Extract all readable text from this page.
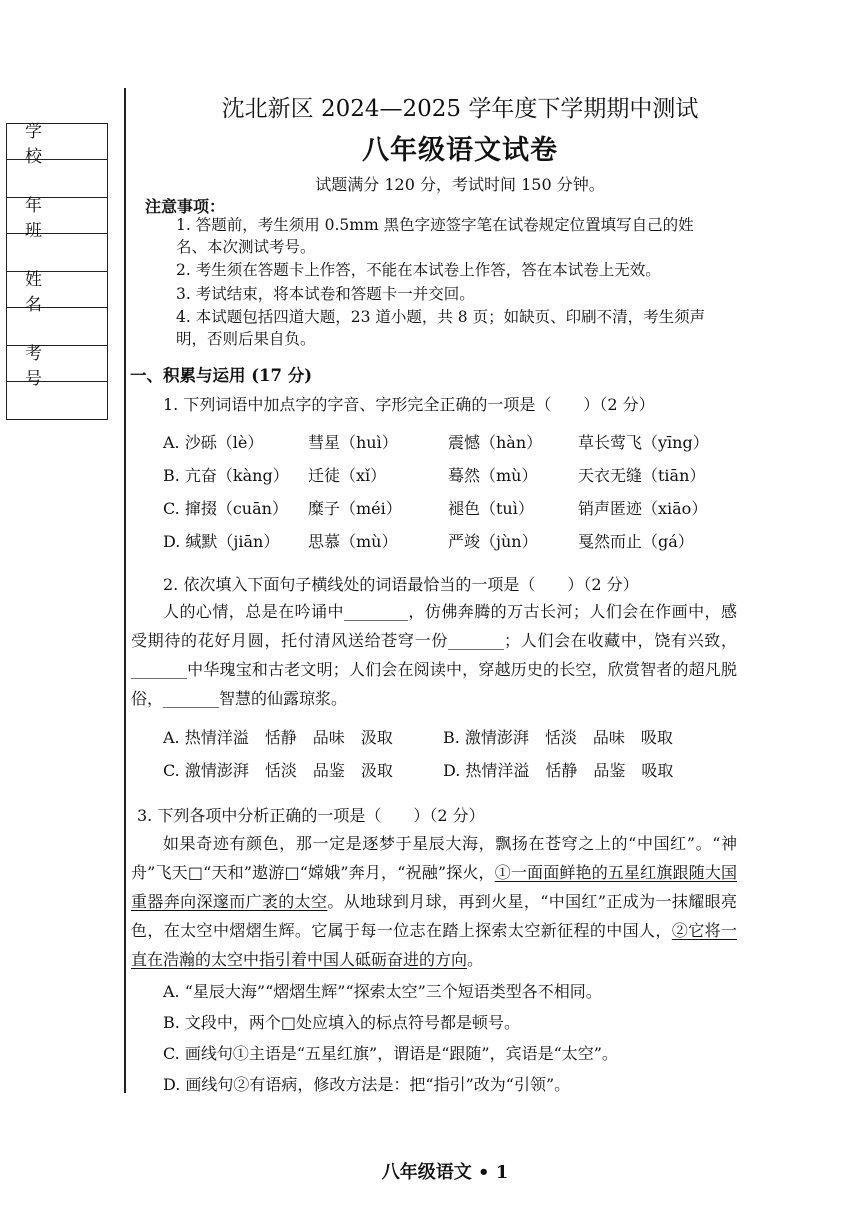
学 校
年 班
姓 名
考 号
沈北新区 2024—2025 学年度下学期期中测试
八年级语文试卷
试题满分 120 分，考试时间 150 分钟。
注意事项：
1. 答题前，考生须用 0.5mm 黑色字迹签字笔在试卷规定位置填写自己的姓名、本次测试考号。
2. 考生须在答题卡上作答，不能在本试卷上作答，答在本试卷上无效。
3. 考试结束，将本试卷和答题卡一并交回。
4. 本试题包括四道大题，23 道小题，共 8 页；如缺页、印刷不清，考生须声明，否则后果自负。
一、积累与运用 (17 分)
1. 下列词语中加点字的字音、字形完全正确的一项是（　　）（2 分）
A. 沙砾（lè）	彗星（huì）	震憾（hàn）	草长莺飞（yīng）
B. 亢奋（kàng）	迁徒（xǐ）	蓦然（mù）	天衣无缝（tiān）
C. 撺掇（cuān）	糜子（méi）	褪色（tuì）	销声匿迹（xiāo）
D. 缄默（jiān）	思慕（mù）	严竣（jùn）	戛然而止（gá）
2. 依次填入下面句子横线处的词语最恰当的一项是（　　）（2 分）
人的心情，总是在吟诵中________，仿佛奔腾的万古长河；人们会在作画中，感受期待的花好月圆，托付清风送给苍穹一份_______；人们会在收藏中，饶有兴致，_______中华瑰宝和古老文明；人们会在阅读中，穿越历史的长空，欣赏智者的超凡脱俗，_______智慧的仙露琼浆。
A. 热情洋溢　恬静　品味　汲取	B. 激情澎湃　恬淡　品味　吸取
C. 激情澎湃　恬淡　品鉴　汲取	D. 热情洋溢　恬静　品鉴　吸取
3. 下列各项中分析正确的一项是（　　）（2 分）
如果奇迹有颜色，那一定是逐梦于星辰大海，飘扬在苍穹之上的“中国红”。“神舟”飞天□“天和”遨游□“嫦娥”奔月，“祝融”探火，①一面面鲜艳的五星红旗跟随大国重器奔向深邃而广袤的太空。从地球到月球，再到火星，“中国红”正成为一抹耀眼亮色，在太空中熠熠生辉。它属于每一位志在踏上探索太空新征程的中国人，②它将一直在浩瀚的太空中指引着中国人砥砺奋进的方向。
A. “星辰大海”“熠熠生辉”“探索太空”三个短语类型各不相同。
B. 文段中，两个□处应填入的标点符号都是顿号。
C. 画线句①主语是“五星红旗”，谓语是“跟随”，宾语是“太空”。
D. 画线句②有语病，修改方法是：把“指引”改为“引领”。
八年级语文 • 1
